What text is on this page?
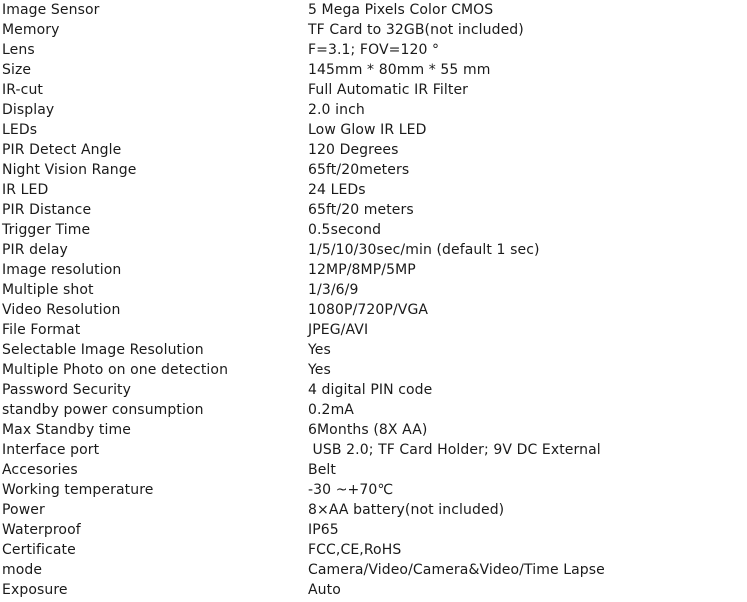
Image Sensor	5 Mega Pixels Color CMOS
Memory	TF Card to 32GB(not included)
Lens	F=3.1; FOV=120 °
Size	145mm * 80mm * 55 mm
IR-cut	Full Automatic IR Filter
Display	2.0 inch
LEDs	Low Glow IR LED
PIR Detect Angle	120 Degrees
Night Vision Range	65ft/20meters
IR LED	24 LEDs
PIR Distance	65ft/20 meters
Trigger Time	0.5second
PIR delay	1/5/10/30sec/min (default 1 sec)
Image resolution	12MP/8MP/5MP
Multiple shot	1/3/6/9
Video Resolution	1080P/720P/VGA
File Format	JPEG/AVI
Selectable Image Resolution	Yes
Multiple Photo on one detection	Yes
Password Security	4 digital PIN code
standby power consumption	0.2mA
Max Standby time	6Months (8X AA)
Interface port	USB 2.0; TF Card Holder; 9V DC External
Accesories	Belt
Working temperature	-30 ~+70℃
Power	8×AA battery(not included)
Waterproof	IP65
Certificate	FCC,CE,RoHS
mode	Camera/Video/Camera&Video/Time Lapse
Exposure	Auto
